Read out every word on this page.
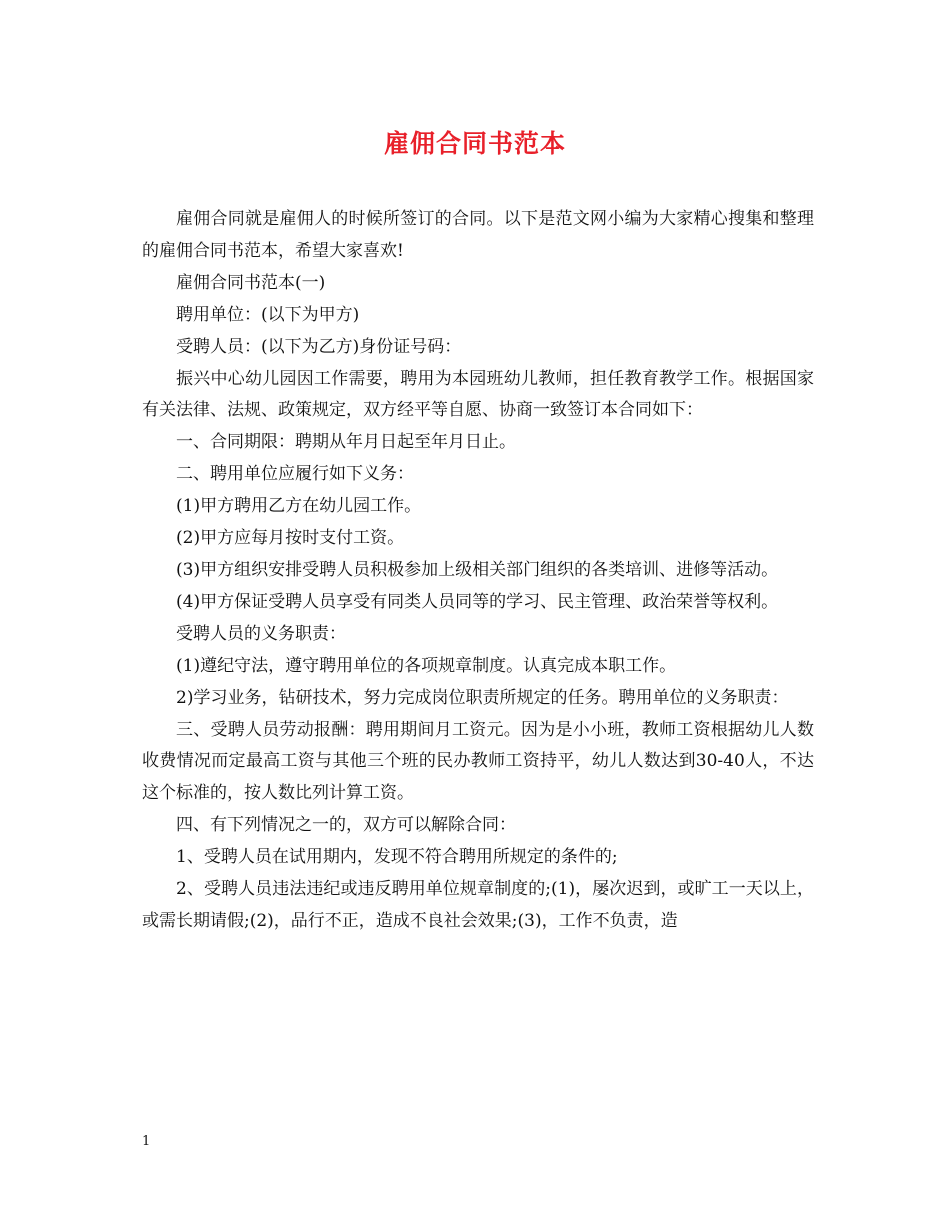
雇佣合同书范本

雇佣合同就是雇佣人的时候所签订的合同。以下是范文网小编为大家精心搜集和整理的雇佣合同书范本，希望大家喜欢!

雇佣合同书范本(一)

聘用单位：(以下为甲方)

受聘人员：(以下为乙方)身份证号码：

振兴中心幼儿园因工作需要，聘用为本园班幼儿教师，担任教育教学工作。根据国家有关法律、法规、政策规定，双方经平等自愿、协商一致签订本合同如下：

一、合同期限：聘期从年月日起至年月日止。

二、聘用单位应履行如下义务：

(1)甲方聘用乙方在幼儿园工作。

(2)甲方应每月按时支付工资。

(3)甲方组织安排受聘人员积极参加上级相关部门组织的各类培训、进修等活动。

(4)甲方保证受聘人员享受有同类人员同等的学习、民主管理、政治荣誉等权利。

受聘人员的义务职责：

(1)遵纪守法，遵守聘用单位的各项规章制度。认真完成本职工作。

2)学习业务，钻研技术，努力完成岗位职责所规定的任务。聘用单位的义务职责：

三、受聘人员劳动报酬：聘用期间月工资元。因为是小小班，教师工资根据幼儿人数收费情况而定最高工资与其他三个班的民办教师工资持平，幼儿人数达到30-40人，不达这个标准的，按人数比列计算工资。

四、有下列情况之一的，双方可以解除合同：

1、受聘人员在试用期内，发现不符合聘用所规定的条件的;

2、受聘人员违法违纪或违反聘用单位规章制度的;(1)，屡次迟到，或旷工一天以上，或需长期请假;(2)，品行不正，造成不良社会效果;(3)，工作不负责，造

1
